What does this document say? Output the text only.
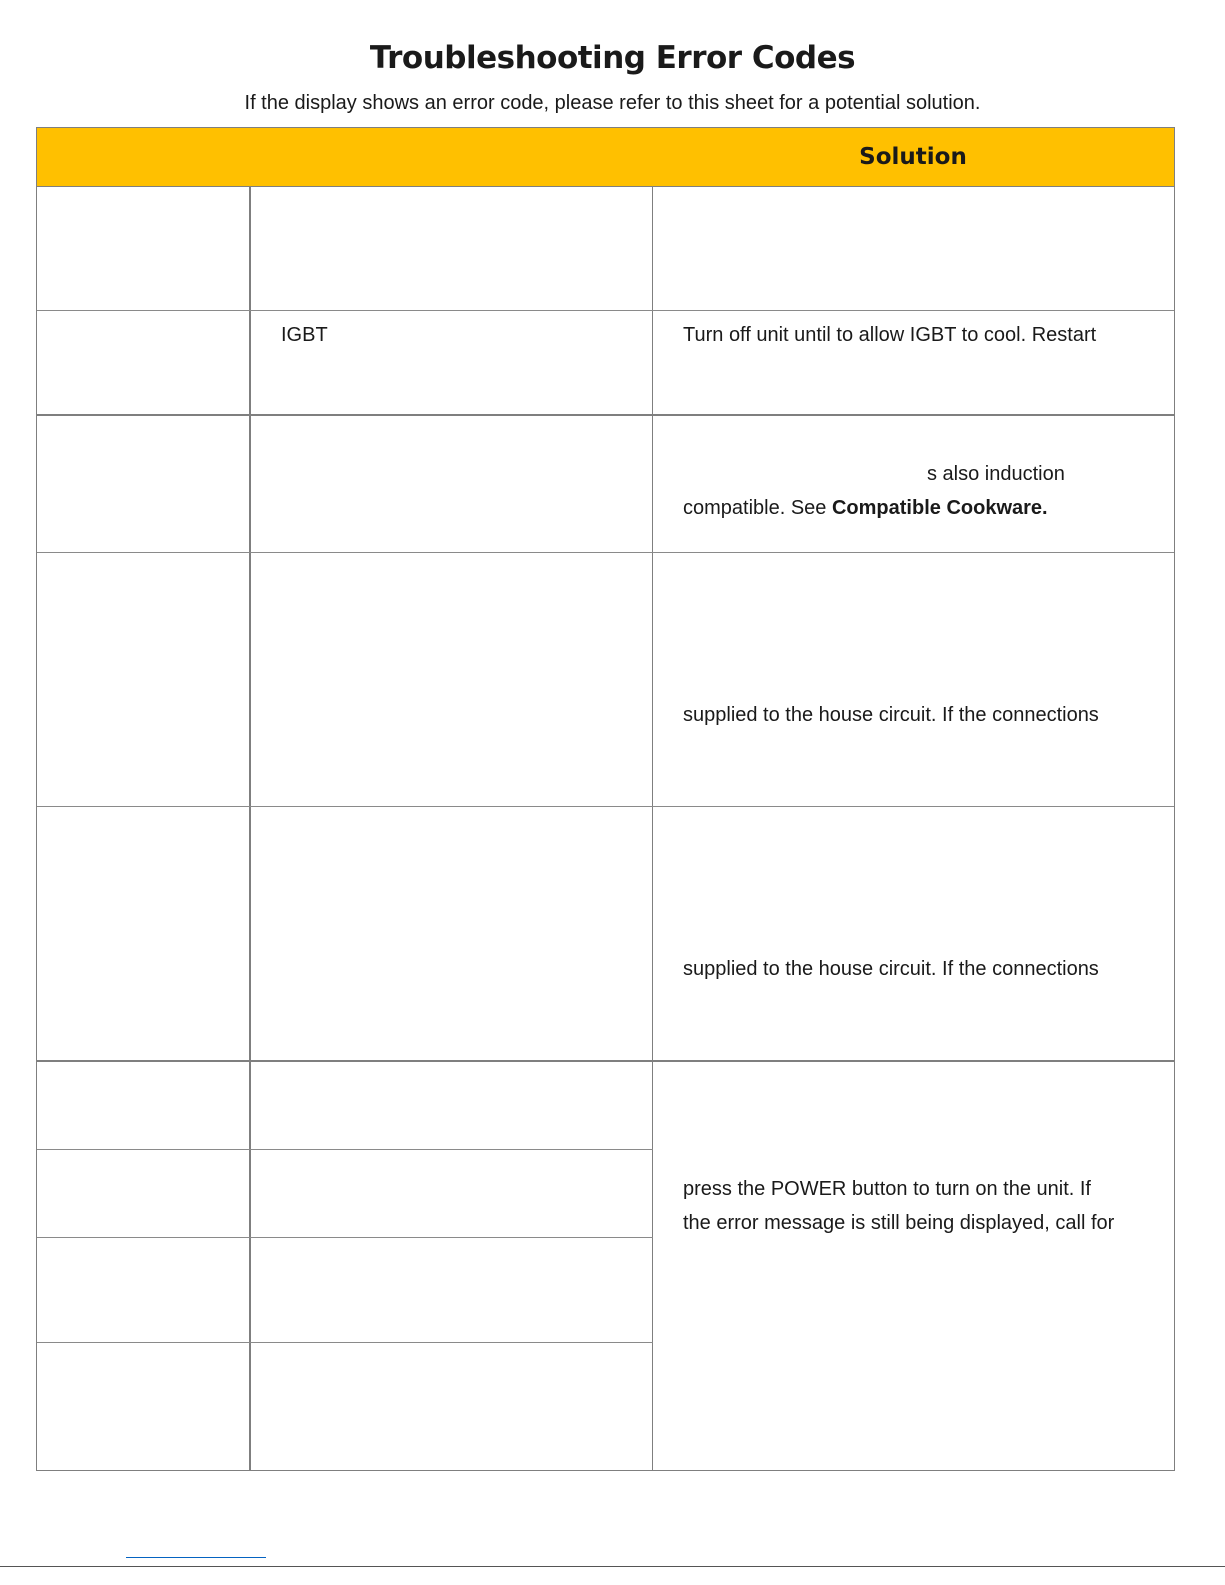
Troubleshooting Error Codes
If the display shows an error code, please refer to this sheet for a potential solution.
Solution
IGBT	Turn off unit until to allow IGBT to cool. Restart
s also induction
compatible. See Compatible Cookware.
supplied to the house circuit. If the connections
supplied to the house circuit. If the connections
press the POWER button to turn on the unit. If
the error message is still being displayed, call for
